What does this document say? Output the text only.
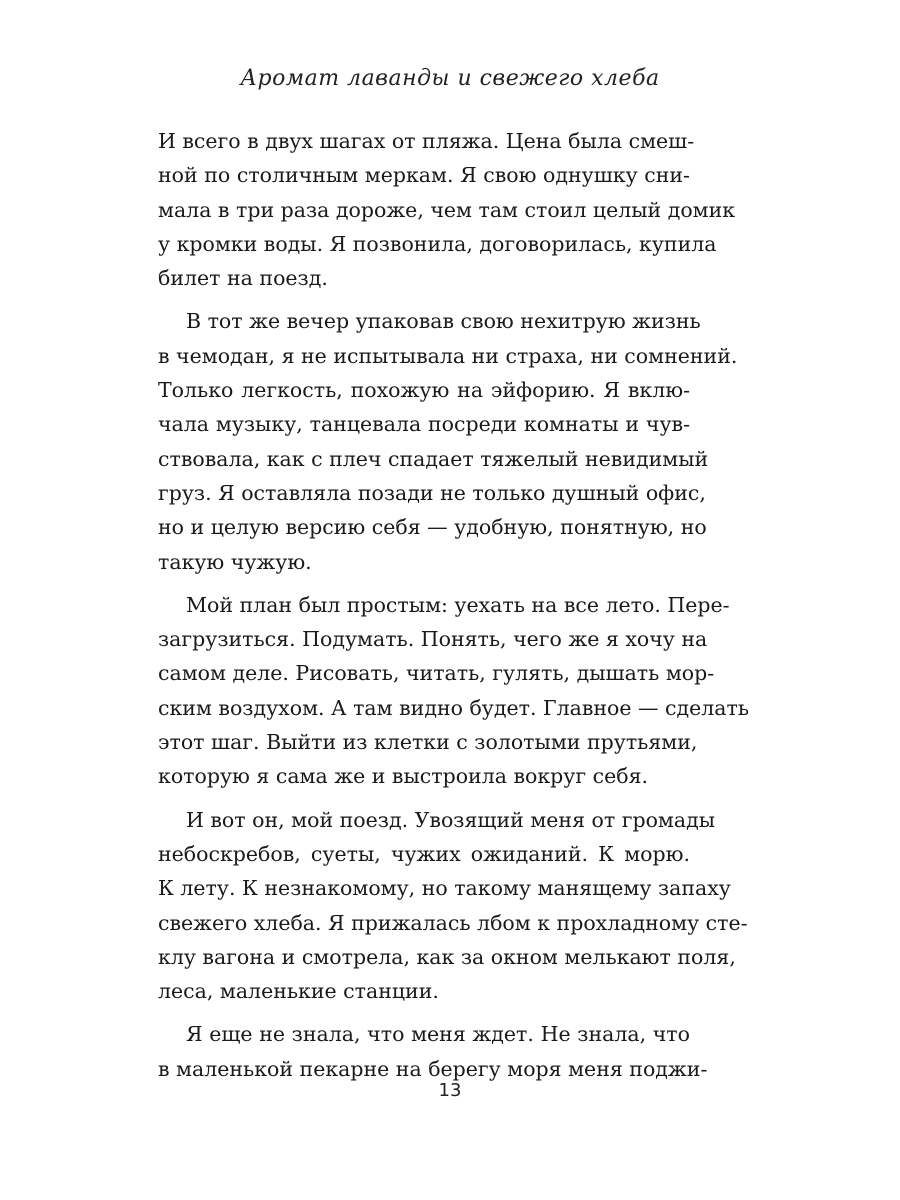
Аромат лаванды и свежего хлеба

И всего в двух шагах от пляжа. Цена была смеш-
ной по столичным меркам. Я свою однушку сни-
мала в три раза дороже, чем там стоил целый домик
у кромки воды. Я позвонила, договорилась, купила
билет на поезд.

В тот же вечер упаковав свою нехитрую жизнь
в чемодан, я не испытывала ни страха, ни сомнений.
Только легкость, похожую на эйфорию. Я вклю-
чала музыку, танцевала посреди комнаты и чув-
ствовала, как с плеч спадает тяжелый невидимый
груз. Я оставляла позади не только душный офис,
но и целую версию себя — удобную, понятную, но
такую чужую.

Мой план был простым: уехать на все лето. Пере-
загрузиться. Подумать. Понять, чего же я хочу на
самом деле. Рисовать, читать, гулять, дышать мор-
ским воздухом. А там видно будет. Главное — сделать
этот шаг. Выйти из клетки с золотыми прутьями,
которую я сама же и выстроила вокруг себя.

И вот он, мой поезд. Увозящий меня от громады
небоскребов, суеты, чужих ожиданий. К морю.
К лету. К незнакомому, но такому манящему запаху
свежего хлеба. Я прижалась лбом к прохладному сте-
клу вагона и смотрела, как за окном мелькают поля,
леса, маленькие станции.

Я еще не знала, что меня ждет. Не знала, что
в маленькой пекарне на берегу моря меня поджи-

13
